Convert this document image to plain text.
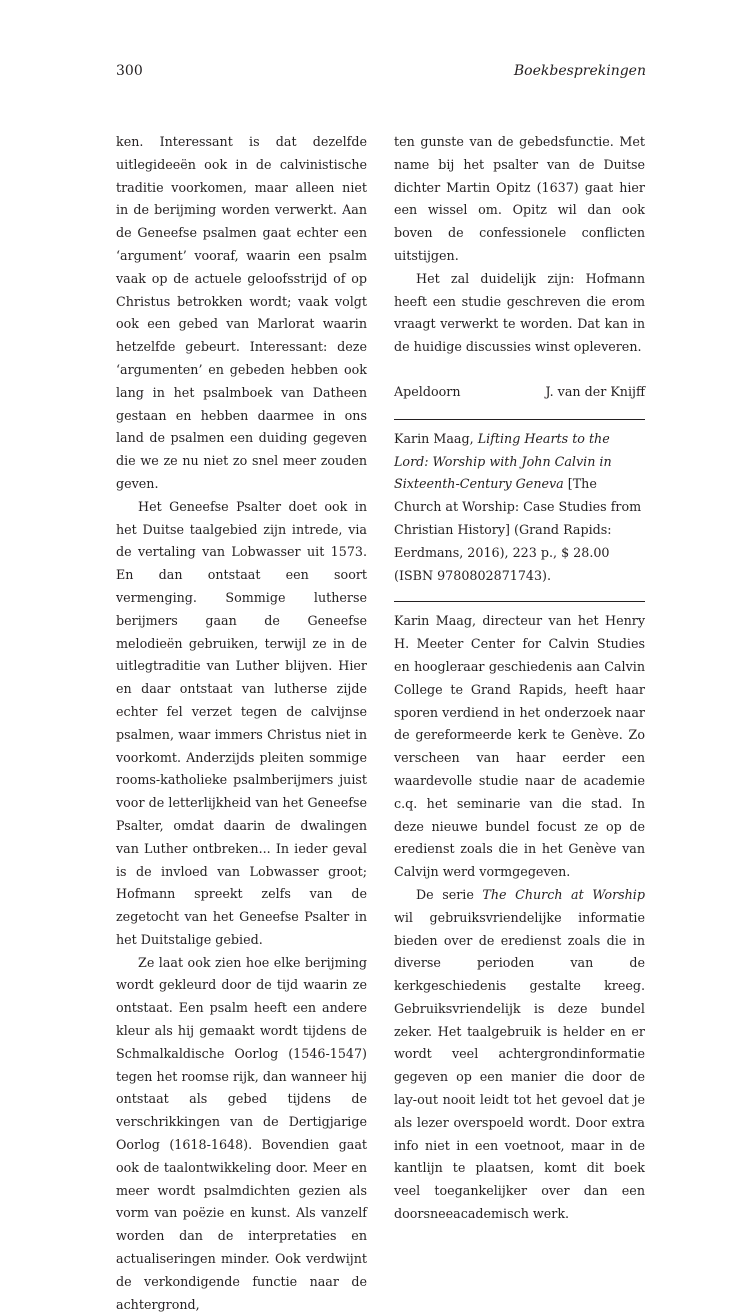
300	Boekbesprekingen

ken. Interessant is dat dezelfde uitlegideeën ook in de calvinistische traditie voorkomen, maar alleen niet in de berijming worden verwerkt. Aan de Geneefse psalmen gaat echter een ‘argument’ vooraf, waarin een psalm vaak op de actuele geloofsstrijd of op Christus betrokken wordt; vaak volgt ook een gebed van Marlorat waarin hetzelfde gebeurt. Interessant: deze ‘argumenten’ en gebeden hebben ook lang in het psalmboek van Datheen gestaan en hebben daarmee in ons land de psalmen een duiding gegeven die we ze nu niet zo snel meer zouden geven.

Het Geneefse Psalter doet ook in het Duitse taalgebied zijn intrede, via de vertaling van Lobwasser uit 1573. En dan ontstaat een soort vermenging. Sommige lutherse berijmers gaan de Geneefse melodieën gebruiken, terwijl ze in de uitlegtraditie van Luther blijven. Hier en daar ontstaat van lutherse zijde echter fel verzet tegen de calvijnse psalmen, waar immers Christus niet in voorkomt. Anderzijds pleiten sommige rooms-katholieke psalmberijmers juist voor de letterlijkheid van het Geneefse Psalter, omdat daarin de dwalingen van Luther ontbreken... In ieder geval is de invloed van Lobwasser groot; Hofmann spreekt zelfs van de zegetocht van het Geneefse Psalter in het Duitstalige gebied.

Ze laat ook zien hoe elke berijming wordt gekleurd door de tijd waarin ze ontstaat. Een psalm heeft een andere kleur als hij gemaakt wordt tijdens de Schmalkaldische Oorlog (1546-1547) tegen het roomse rijk, dan wanneer hij ontstaat als gebed tijdens de verschrikkingen van de Dertigjarige Oorlog (1618-1648). Bovendien gaat ook de taalontwikkeling door. Meer en meer wordt psalmdichten gezien als vorm van poëzie en kunst. Als vanzelf worden dan de interpretaties en actualiseringen minder. Ook verdwijnt de verkondigende functie naar de achtergrond,

ten gunste van de gebedsfunctie. Met name bij het psalter van de Duitse dichter Martin Opitz (1637) gaat hier een wissel om. Opitz wil dan ook boven de confessionele conflicten uitstijgen.

Het zal duidelijk zijn: Hofmann heeft een studie geschreven die erom vraagt verwerkt te worden. Dat kan in de huidige discussies winst opleveren.

Apeldoorn	J. van der Knijff

Karin Maag, Lifting Hearts to the Lord: Worship with John Calvin in Sixteenth-Century Geneva [The Church at Worship: Case Studies from Christian History] (Grand Rapids: Eerdmans, 2016), 223 p., $ 28.00 (ISBN 9780802871743).

Karin Maag, directeur van het Henry H. Meeter Center for Calvin Studies en hoogleraar geschiedenis aan Calvin College te Grand Rapids, heeft haar sporen verdiend in het onderzoek naar de gereformeerde kerk te Genève. Zo verscheen van haar eerder een waardevolle studie naar de academie c.q. het seminarie van die stad. In deze nieuwe bundel focust ze op de eredienst zoals die in het Genève van Calvijn werd vormgegeven.

De serie The Church at Worship wil gebruiksvriendelijke informatie bieden over de eredienst zoals die in diverse perioden van de kerkgeschiedenis gestalte kreeg. Gebruiksvriendelijk is deze bundel zeker. Het taalgebruik is helder en er wordt veel achtergrondinformatie gegeven op een manier die door de lay-out nooit leidt tot het gevoel dat je als lezer overspoeld wordt. Door extra info niet in een voetnoot, maar in de kantlijn te plaatsen, komt dit boek veel toegankelijker over dan een doorsneeacademisch werk.
